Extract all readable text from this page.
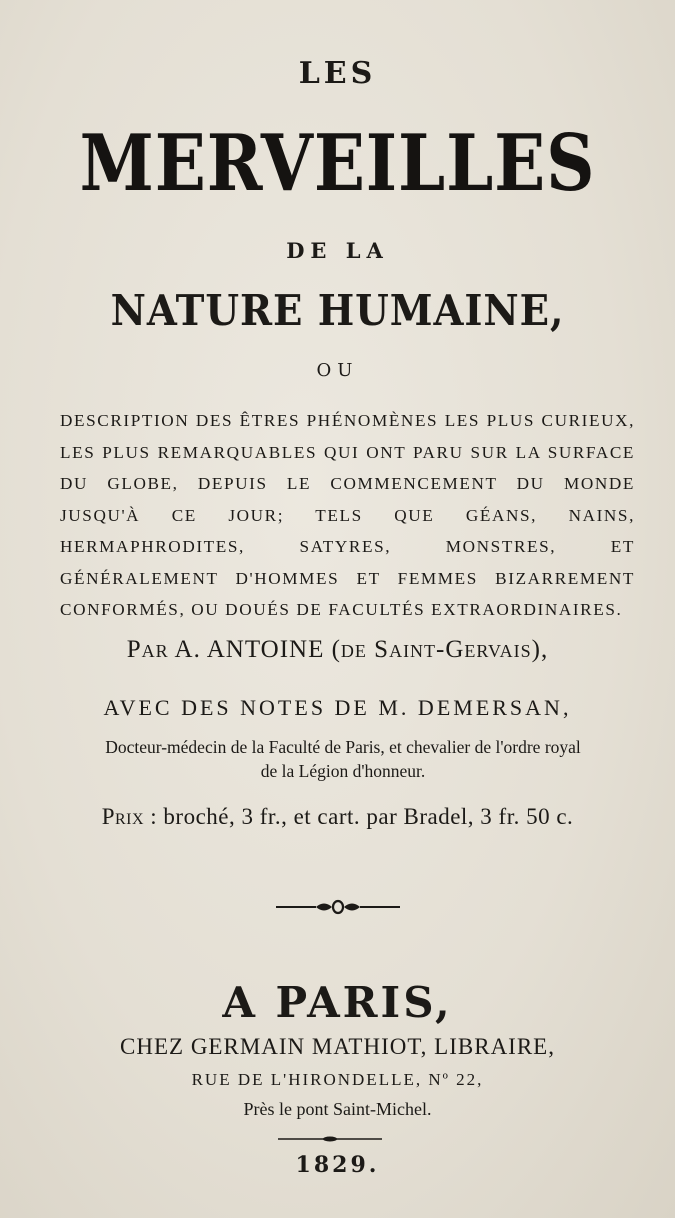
LES
MERVEILLES
DE LA
NATURE HUMAINE,
OU
DESCRIPTION DES ÊTRES PHÉNOMÈNES LES PLUS CURIEUX, LES PLUS REMARQUABLES QUI ONT PARU SUR LA SURFACE DU GLOBE, DEPUIS LE COMMENCEMENT DU MONDE JUSQU'À CE JOUR; TELS QUE GÉANS, NAINS, HERMAPHRODITES, SATYRES, MONSTRES, ET GÉNÉRALEMENT D'HOMMES ET FEMMES BIZARREMENT CONFORMÉS, OU DOUÉS DE FACULTÉS EXTRAORDINAIRES.
Par A. ANTOINE (de Saint-Gervais),
AVEC DES NOTES DE M. DEMERSAN,
Docteur-médecin de la Faculté de Paris, et chevalier de l'ordre royal
de la Légion d'honneur.
Prix : broché, 3 fr., et cart. par Bradel, 3 fr. 50 c.
A PARIS,
CHEZ GERMAIN MATHIOT, LIBRAIRE,
RUE DE L'HIRONDELLE, Nº 22,
Près le pont Saint-Michel.
1829.
